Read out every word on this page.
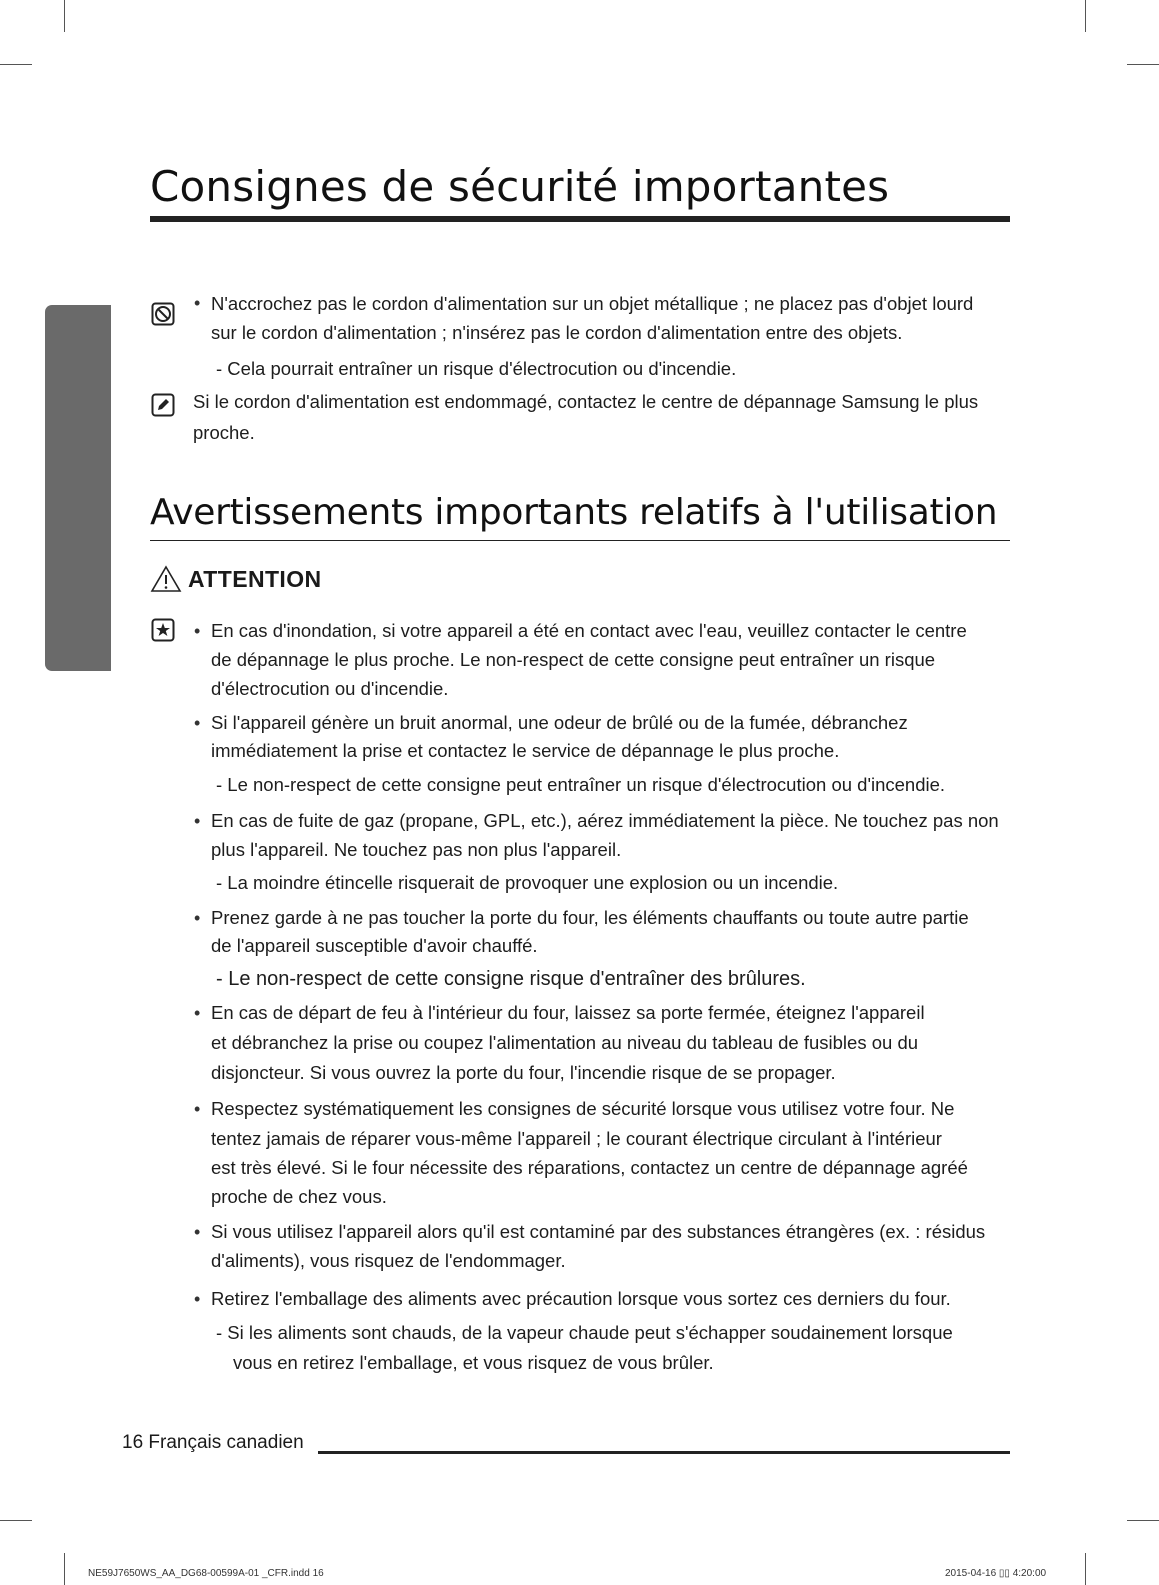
Consignes de sécurité importantes
Consignes de sécurité importantes
• N'accrochez pas le cordon d'alimentation sur un objet métallique ; ne placez pas d'objet lourd
sur le cordon d'alimentation ; n'insérez pas le cordon d'alimentation entre des objets.
- Cela pourrait entraîner un risque d'électrocution ou d'incendie.
Si le cordon d'alimentation est endommagé, contactez le centre de dépannage Samsung le plus
proche.
Avertissements importants relatifs à l'utilisation
ATTENTION
• En cas d'inondation, si votre appareil a été en contact avec l'eau, veuillez contacter le centre
de dépannage le plus proche. Le non-respect de cette consigne peut entraîner un risque
d'électrocution ou d'incendie.
• Si l'appareil génère un bruit anormal, une odeur de brûlé ou de la fumée, débranchez
immédiatement la prise et contactez le service de dépannage le plus proche.
- Le non-respect de cette consigne peut entraîner un risque d'électrocution ou d'incendie.
• En cas de fuite de gaz (propane, GPL, etc.), aérez immédiatement la pièce. Ne touchez pas non
plus l'appareil. Ne touchez pas non plus l'appareil.
- La moindre étincelle risquerait de provoquer une explosion ou un incendie.
• Prenez garde à ne pas toucher la porte du four, les éléments chauffants ou toute autre partie
de l'appareil susceptible d'avoir chauffé.
- Le non-respect de cette consigne risque d'entraîner des brûlures.
• En cas de départ de feu à l'intérieur du four, laissez sa porte fermée, éteignez l'appareil
et débranchez la prise ou coupez l'alimentation au niveau du tableau de fusibles ou du
disjoncteur. Si vous ouvrez la porte du four, l'incendie risque de se propager.
• Respectez systématiquement les consignes de sécurité lorsque vous utilisez votre four. Ne
tentez jamais de réparer vous-même l'appareil ; le courant électrique circulant à l'intérieur
est très élevé. Si le four nécessite des réparations, contactez un centre de dépannage agréé
proche de chez vous.
• Si vous utilisez l'appareil alors qu'il est contaminé par des substances étrangères (ex. : résidus
d'aliments), vous risquez de l'endommager.
• Retirez l'emballage des aliments avec précaution lorsque vous sortez ces derniers du four.
- Si les aliments sont chauds, de la vapeur chaude peut s'échapper soudainement lorsque
vous en retirez l'emballage, et vous risquez de vous brûler.
16 Français canadien
NE59J7650WS_AA_DG68-00599A-01 _CFR.indd 16	2015-04-16 ▯▯ 4:20:00
